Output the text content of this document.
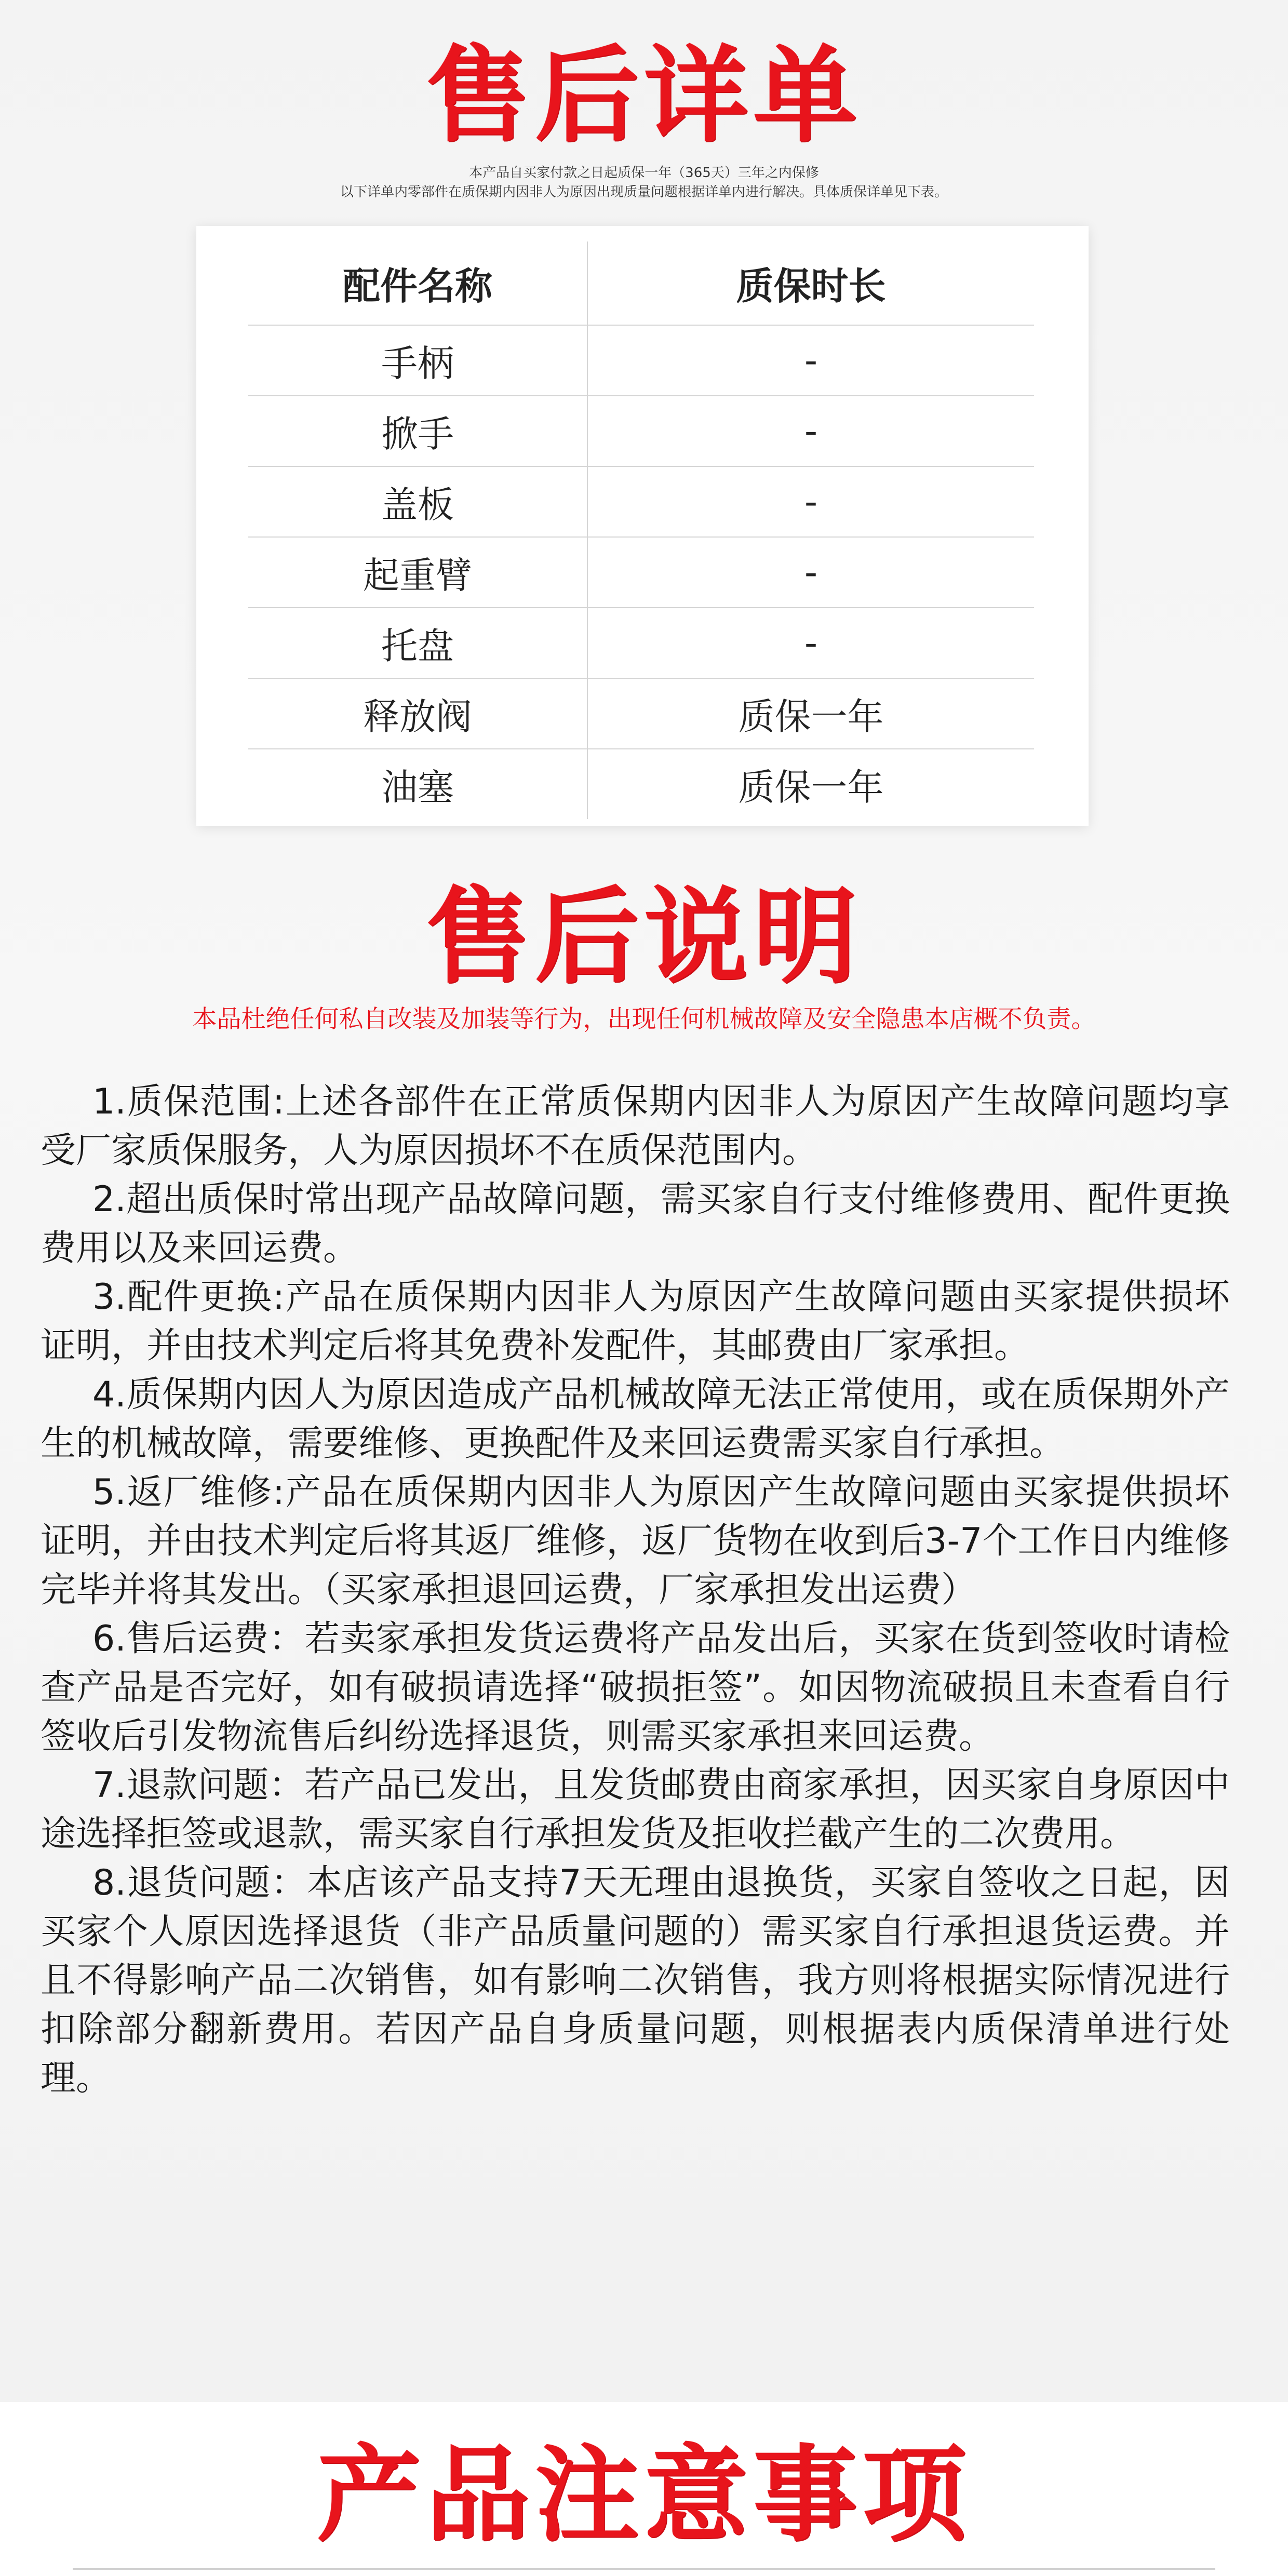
售后详单
本产品自买家付款之日起质保一年（365天）三年之内保修
以下详单内零部件在质保期内因非人为原因出现质量问题根据详单内进行解决。具体质保详单见下表。
配件名称	质保时长
手柄	-
掀手	-
盖板	-
起重臂	-
托盘	-
释放阀	质保一年
油塞	质保一年
售后说明
本品杜绝任何私自改装及加装等行为，出现任何机械故障及安全隐患本店概不负责。

1.质保范围:上述各部件在正常质保期内因非人为原因产生故障问题均享受厂家质保服务，人为原因损坏不在质保范围内。

2.超出质保时常出现产品故障问题，需买家自行支付维修费用、配件更换费用以及来回运费。

3.配件更换:产品在质保期内因非人为原因产生故障问题由买家提供损坏证明，并由技术判定后将其免费补发配件，其邮费由厂家承担。

4.质保期内因人为原因造成产品机械故障无法正常使用，或在质保期外产生的机械故障，需要维修、更换配件及来回运费需买家自行承担。

5.返厂维修:产品在质保期内因非人为原因产生故障问题由买家提供损坏证明，并由技术判定后将其返厂维修，返厂货物在收到后3-7个工作日内维修完毕并将其发出。（买家承担退回运费，厂家承担发出运费）

6.售后运费：若卖家承担发货运费将产品发出后，买家在货到签收时请检查产品是否完好，如有破损请选择“破损拒签”。如因物流破损且未查看自行签收后引发物流售后纠纷选择退货，则需买家承担来回运费。

7.退款问题：若产品已发出，且发货邮费由商家承担，因买家自身原因中途选择拒签或退款，需买家自行承担发货及拒收拦截产生的二次费用。

8.退货问题：本店该产品支持7天无理由退换货，买家自签收之日起，因买家个人原因选择退货（非产品质量问题的）需买家自行承担退货运费。并且不得影响产品二次销售，如有影响二次销售，我方则将根据实际情况进行扣除部分翻新费用。若因产品自身质量问题，则根据表内质保清单进行处理。

产品注意事项
